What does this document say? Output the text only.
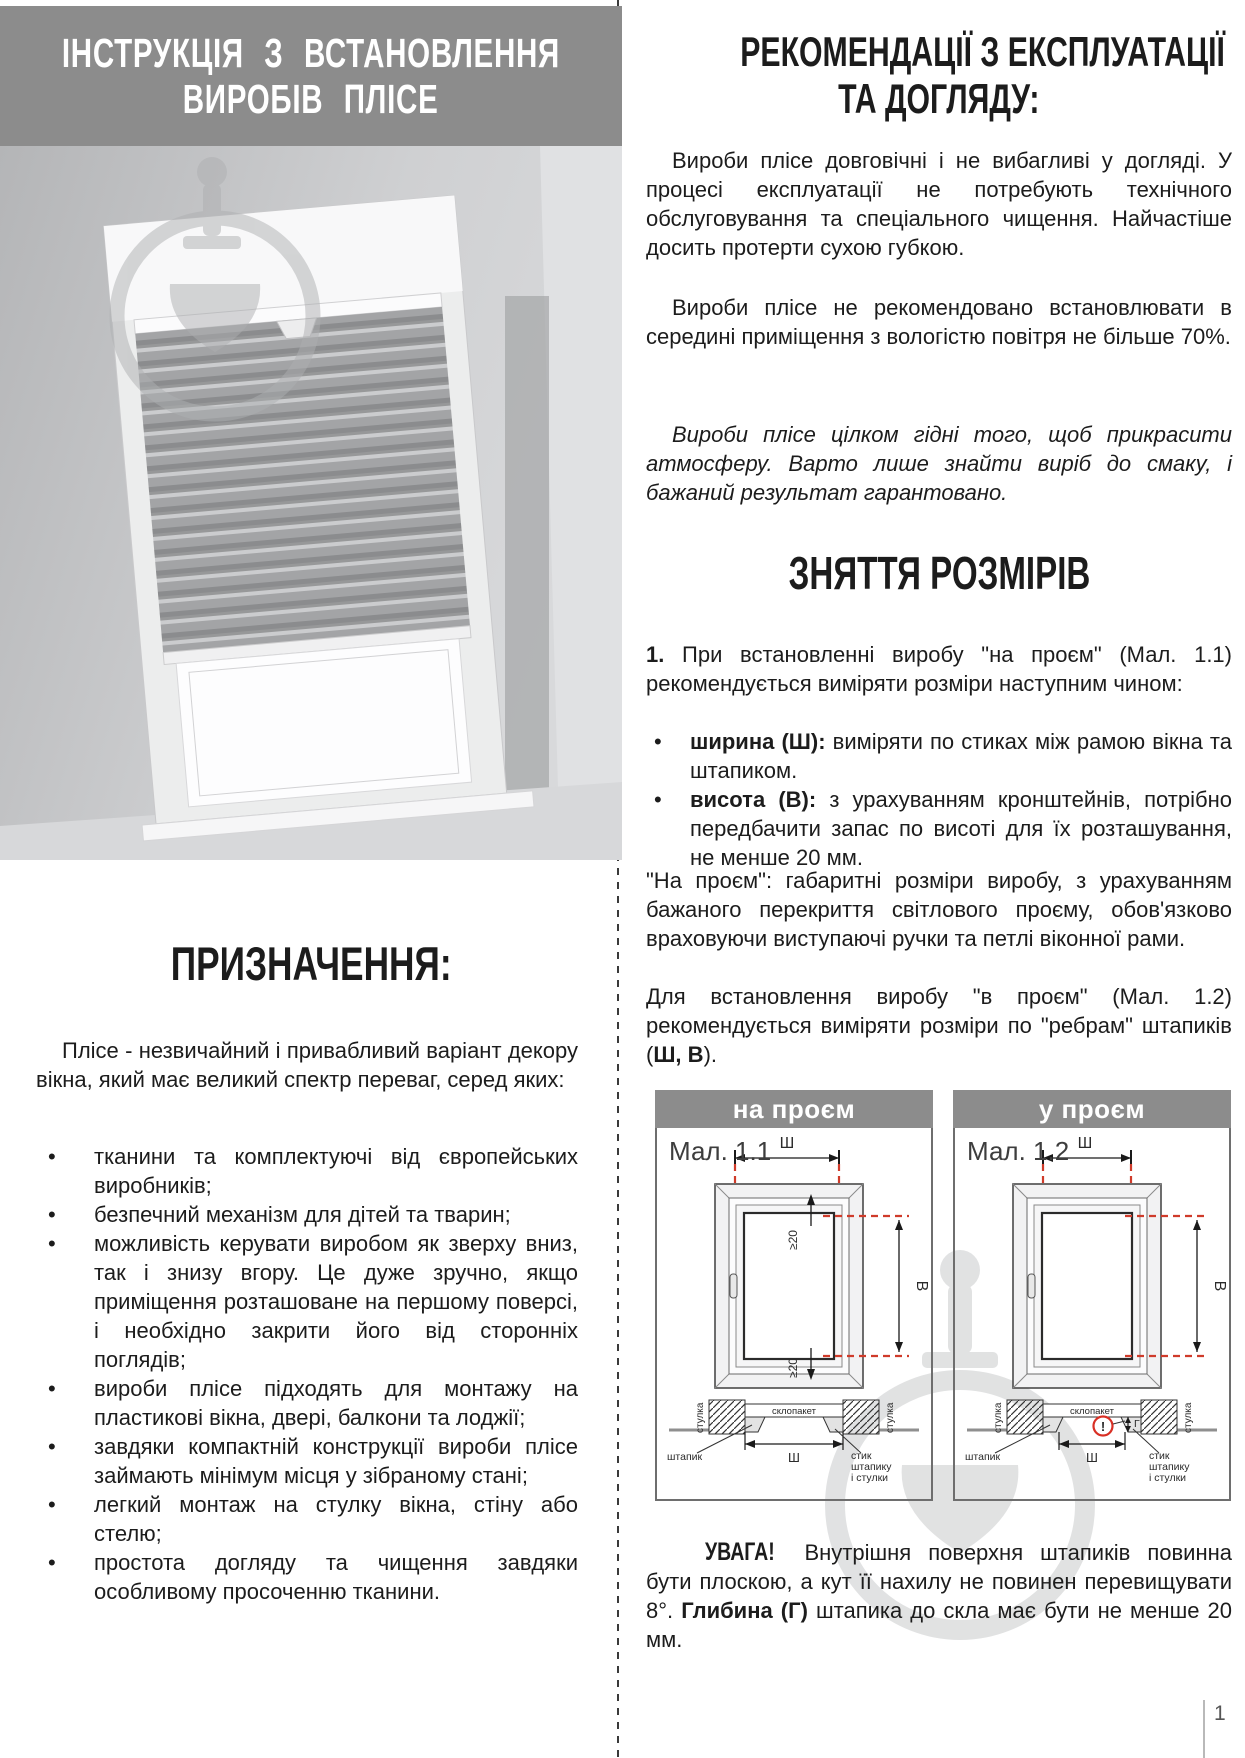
ІНСТРУКЦІЯ З ВСТАНОВЛЕННЯ
ВИРОБІВ ПЛІСЕ
ПРИЗНАЧЕННЯ:
Плісе - незвичайний і привабливий варіант декору вікна, який має великий спектр переваг, серед яких:
• тканини та комплектуючі від європейських виробників;
• безпечний механізм для дітей та тварин;
• можливість керувати виробом як зверху вниз, так і знизу вгору. Це дуже зручно, якщо приміщення розташоване на першому поверсі, і необхідно закрити його від сторонніх поглядів;
• вироби плісе підходять для монтажу на пластикові вікна, двері, балкони та лоджії;
• завдяки компактній конструкції вироби плісе займають мінімум місця у зібраному стані;
• легкий монтаж на стулку вікна, стіну або стелю;
• простота догляду та чищення завдяки особливому просоченню тканини.
РЕКОМЕНДАЦІЇ З ЕКСПЛУАТАЦІЇ
ТА ДОГЛЯДУ:
Вироби плісе довговічні і не вибагливі у догляді. У процесі експлуатації не потребують технічного обслуговування та спеціального чищення. Найчастіше досить протерти сухою губкою.
Вироби плісе не рекомендовано встановлювати в середині приміщення з вологістю повітря не більше 70%.
Вироби плісе цілком гідні того, щоб прикрасити атмосферу. Варто лише знайти виріб до смаку, і бажаний результат гарантовано.
ЗНЯТТЯ РОЗМІРІВ
1. При встановленні виробу "на проєм" (Мал. 1.1) рекомендується виміряти розміри наступним чином:
• ширина (Ш): виміряти по стиках між рамою вікна та штапиком.
• висота (В): з урахуванням кронштейнів, потрібно передбачити запас по висоті для їх розташування, не менше 20 мм.
"На проєм": габаритні розміри виробу, з урахуванням бажаного перекриття світлового проєму, обов'язково враховуючи виступаючі ручки та петлі віконної рами.
Для встановлення виробу "в проєм" (Мал. 1.2) рекомендується виміряти розміри по "ребрам" штапиків (Ш, В).
на проєм
Мал. 1.1 Ш
≥20
≥20
В
стулка	стулка
склопакет
Ш
штапик	стик
штапику
і стулки
у проєм
Мал. 1.2 Ш
В
стулка	стулка
склопакет
!	Г
Ш
штапик	стик
штапику
і стулки
УВАГА! Внутрішня поверхня штапиків повинна бути плоскою, а кут її нахилу не повинен перевищувати 8°. Глибина (Г) штапика до скла має бути не менше 20 мм.
1
